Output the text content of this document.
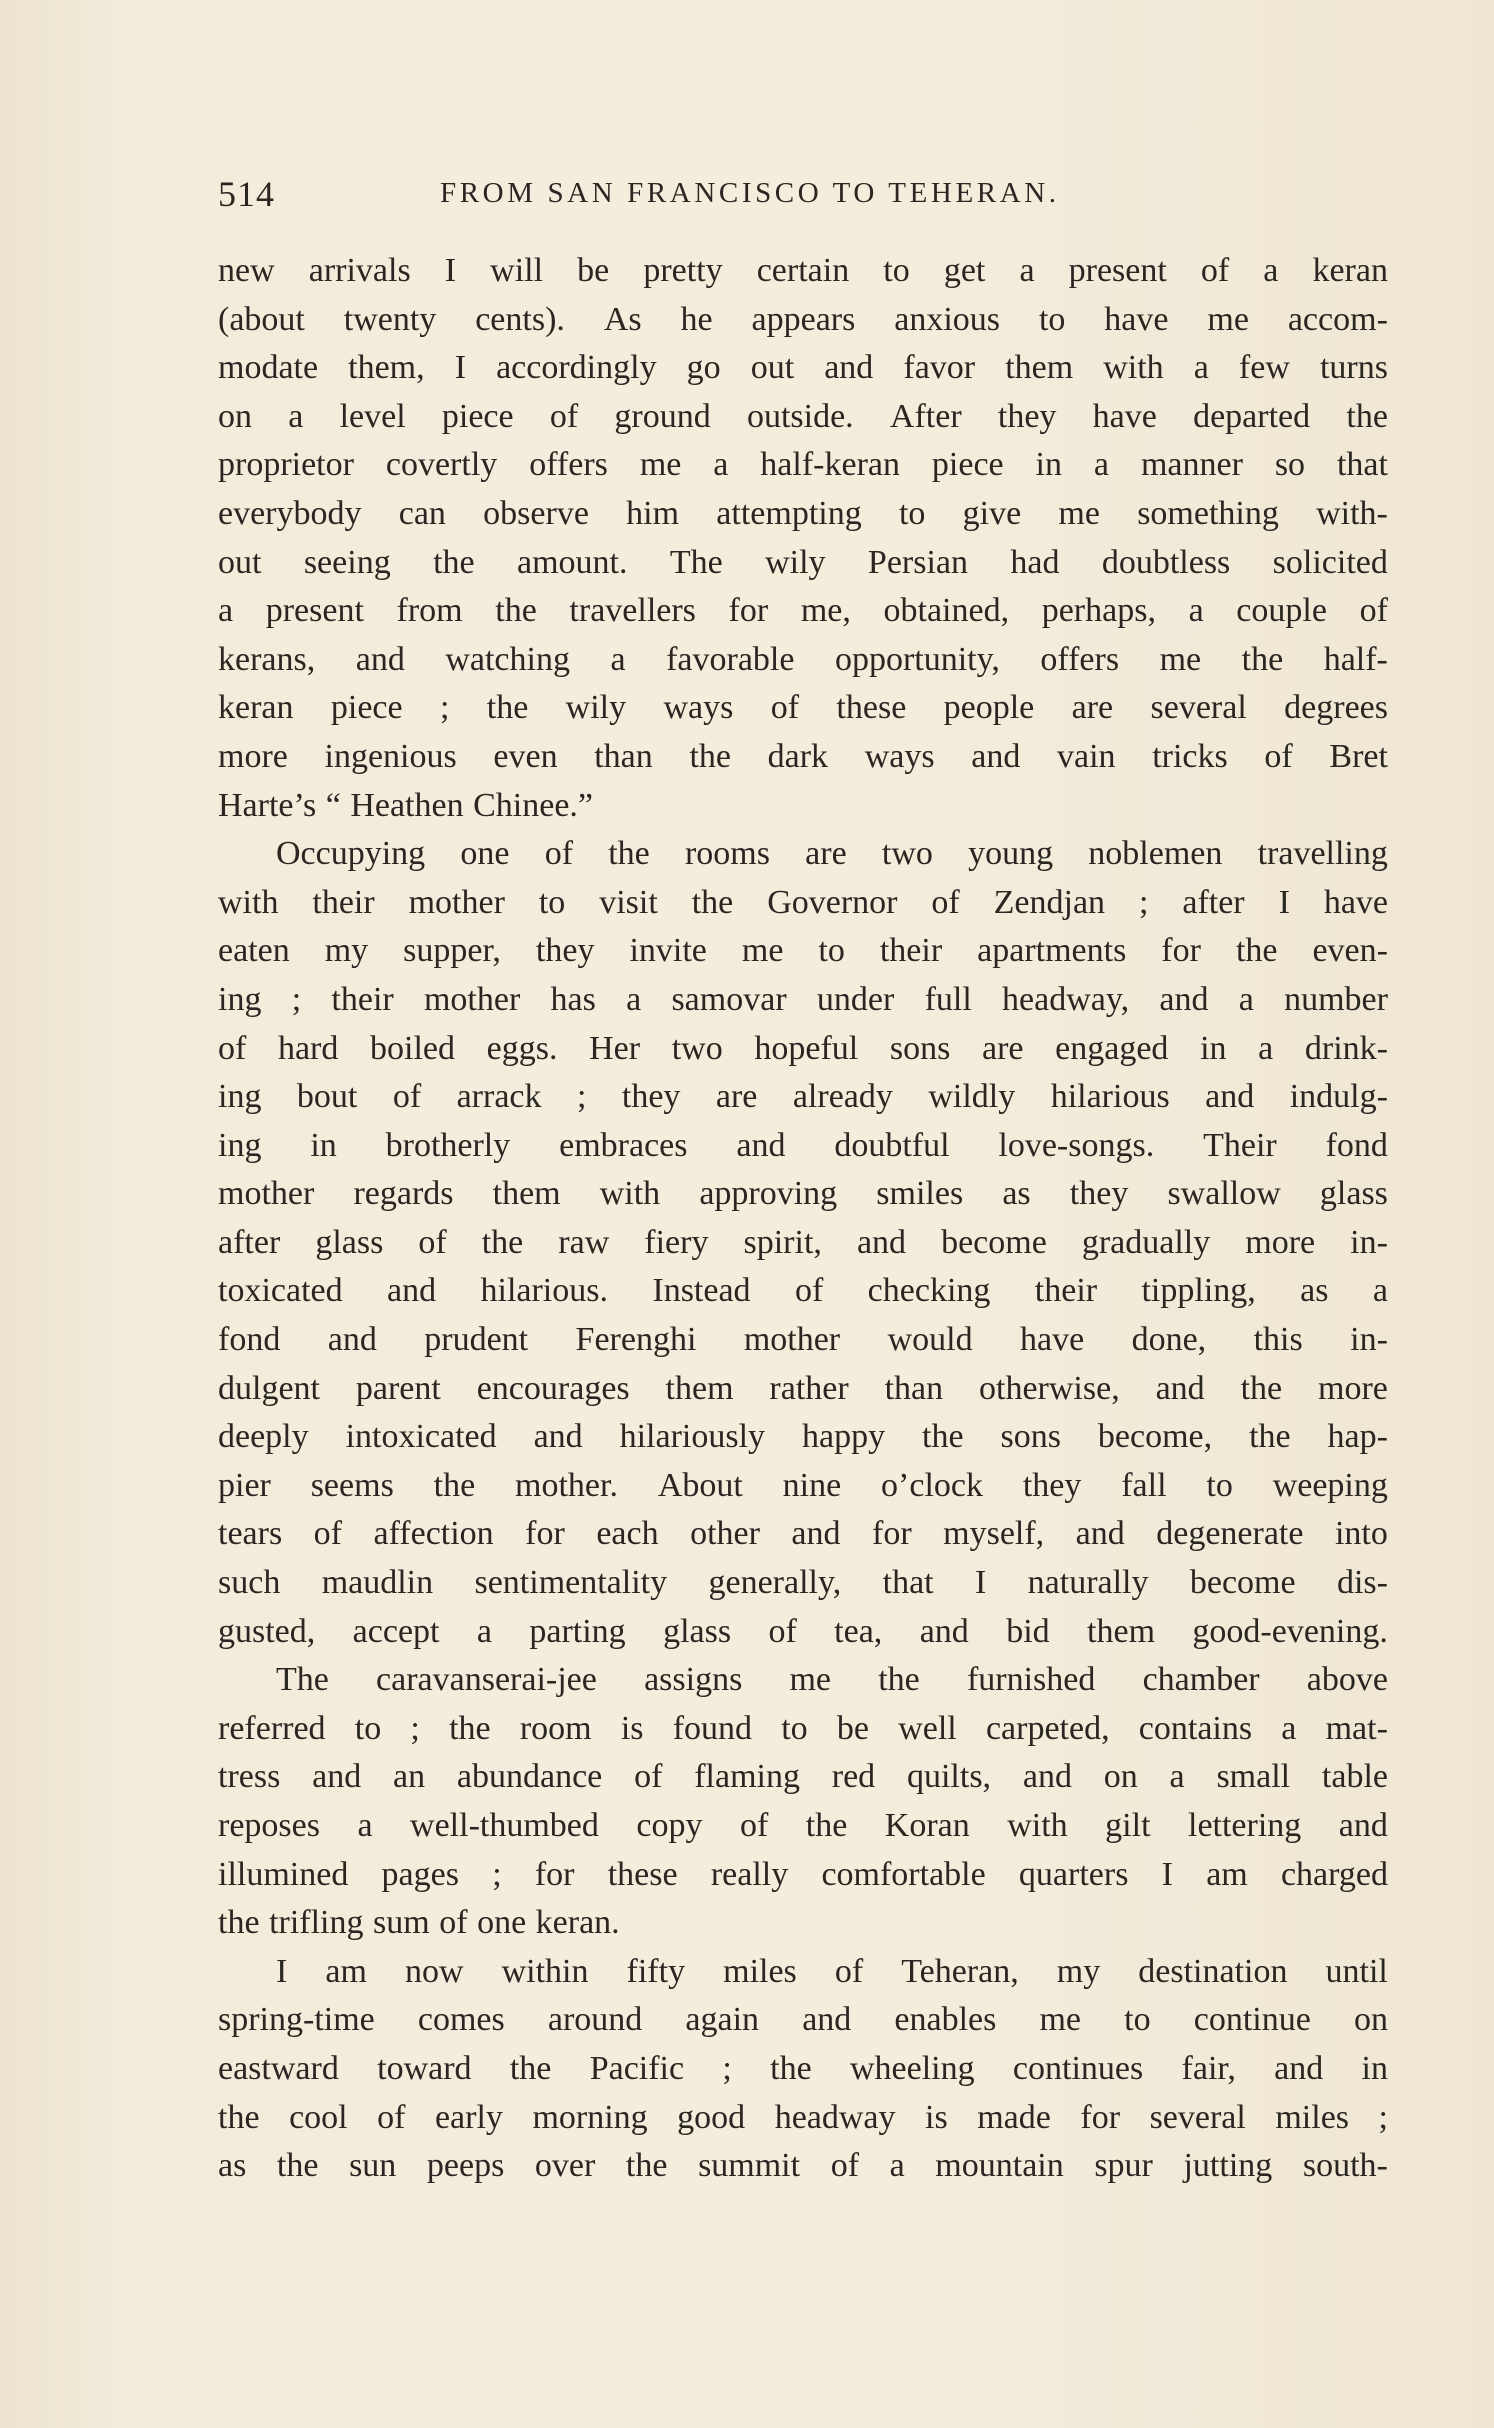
514	FROM SAN FRANCISCO TO TEHERAN.
new arrivals I will be pretty certain to get a present of a keran
(about twenty cents). As he appears anxious to have me accom-
modate them, I accordingly go out and favor them with a few turns
on a level piece of ground outside. After they have departed the
proprietor covertly offers me a half-keran piece in a manner so that
everybody can observe him attempting to give me something with-
out seeing the amount. The wily Persian had doubtless solicited
a present from the travellers for me, obtained, perhaps, a couple of
kerans, and watching a favorable opportunity, offers me the half-
keran piece ; the wily ways of these people are several degrees
more ingenious even than the dark ways and vain tricks of Bret
Harte’s “ Heathen Chinee.”
Occupying one of the rooms are two young noblemen travelling
with their mother to visit the Governor of Zendjan ; after I have
eaten my supper, they invite me to their apartments for the even-
ing ; their mother has a samovar under full headway, and a number
of hard boiled eggs. Her two hopeful sons are engaged in a drink-
ing bout of arrack ; they are already wildly hilarious and indulg-
ing in brotherly embraces and doubtful love-songs. Their fond
mother regards them with approving smiles as they swallow glass
after glass of the raw fiery spirit, and become gradually more in-
toxicated and hilarious. Instead of checking their tippling, as a
fond and prudent Ferenghi mother would have done, this in-
dulgent parent encourages them rather than otherwise, and the more
deeply intoxicated and hilariously happy the sons become, the hap-
pier seems the mother. About nine o’clock they fall to weeping
tears of affection for each other and for myself, and degenerate into
such maudlin sentimentality generally, that I naturally become dis-
gusted, accept a parting glass of tea, and bid them good-evening.
The caravanserai-jee assigns me the furnished chamber above
referred to ; the room is found to be well carpeted, contains a mat-
tress and an abundance of flaming red quilts, and on a small table
reposes a well-thumbed copy of the Koran with gilt lettering and
illumined pages ; for these really comfortable quarters I am charged
the trifling sum of one keran.
I am now within fifty miles of Teheran, my destination until
spring-time comes around again and enables me to continue on
eastward toward the Pacific ; the wheeling continues fair, and in
the cool of early morning good headway is made for several miles ;
as the sun peeps over the summit of a mountain spur jutting south-
